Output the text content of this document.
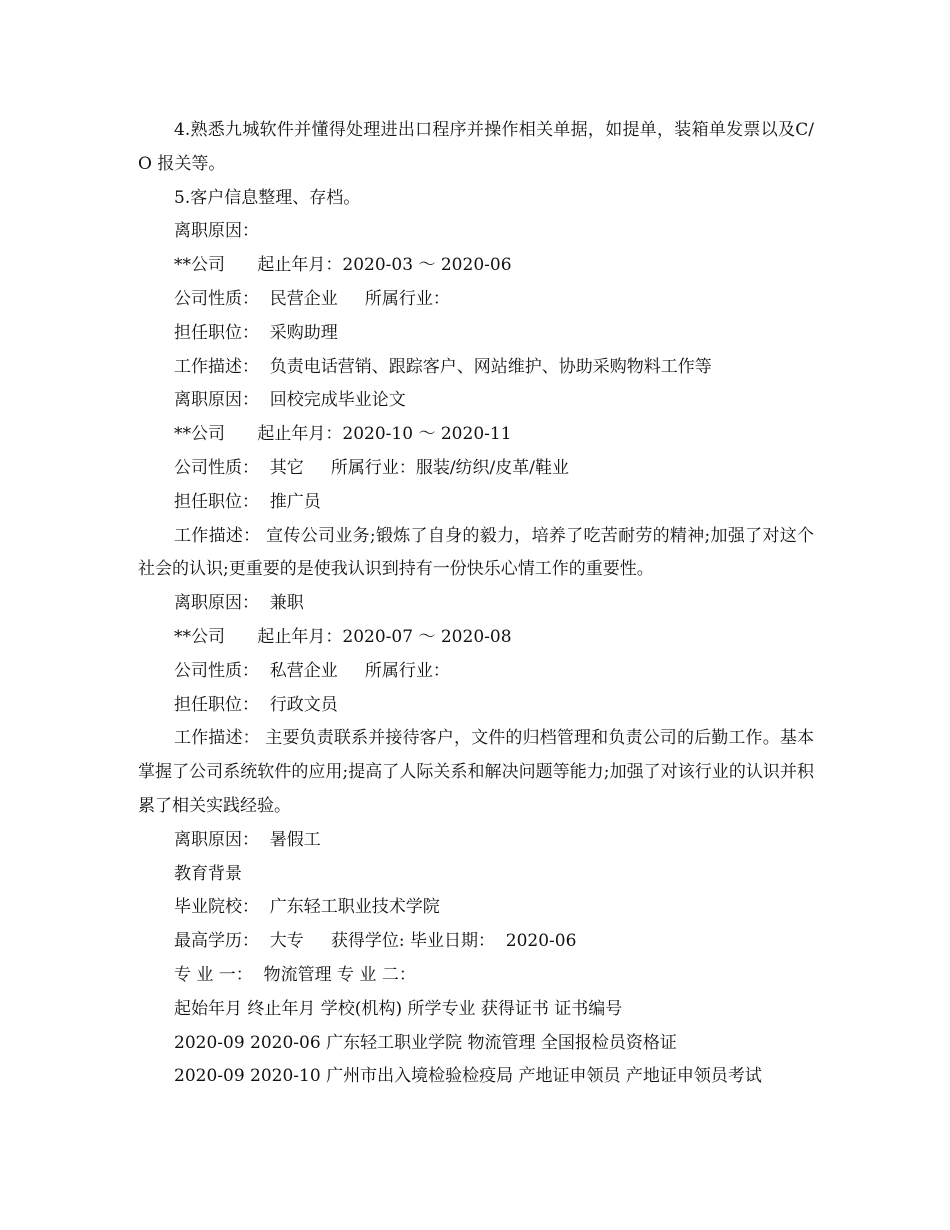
4.熟悉九城软件并懂得处理进出口程序并操作相关单据，如提单，装箱单发票以及C/O 报关等。
5.客户信息整理、存档。
离职原因：
**公司      起止年月：2020-03 ～ 2020-06
公司性质：  民营企业     所属行业：
担任职位：  采购助理
工作描述：  负责电话营销、跟踪客户、网站维护、协助采购物料工作等
离职原因：  回校完成毕业论文
**公司      起止年月：2020-10 ～ 2020-11
公司性质：  其它     所属行业：服装/纺织/皮革/鞋业
担任职位：  推广员
工作描述： 宣传公司业务;锻炼了自身的毅力，培养了吃苦耐劳的精神;加强了对这个社会的认识;更重要的是使我认识到持有一份快乐心情工作的重要性。
离职原因：  兼职
**公司      起止年月：2020-07 ～ 2020-08
公司性质：  私营企业     所属行业：
担任职位：  行政文员
工作描述： 主要负责联系并接待客户，文件的归档管理和负责公司的后勤工作。基本掌握了公司系统软件的应用;提高了人际关系和解决问题等能力;加强了对该行业的认识并积累了相关实践经验。
离职原因：  暑假工
教育背景
毕业院校：  广东轻工职业技术学院
最高学历：  大专     获得学位: 毕业日期：  2020-06
专 业 一：  物流管理 专 业 二：
起始年月 终止年月 学校(机构) 所学专业 获得证书 证书编号
2020-09 2020-06 广东轻工职业学院 物流管理 全国报检员资格证
2020-09 2020-10 广州市出入境检验检疫局 产地证申领员 产地证申领员考试
